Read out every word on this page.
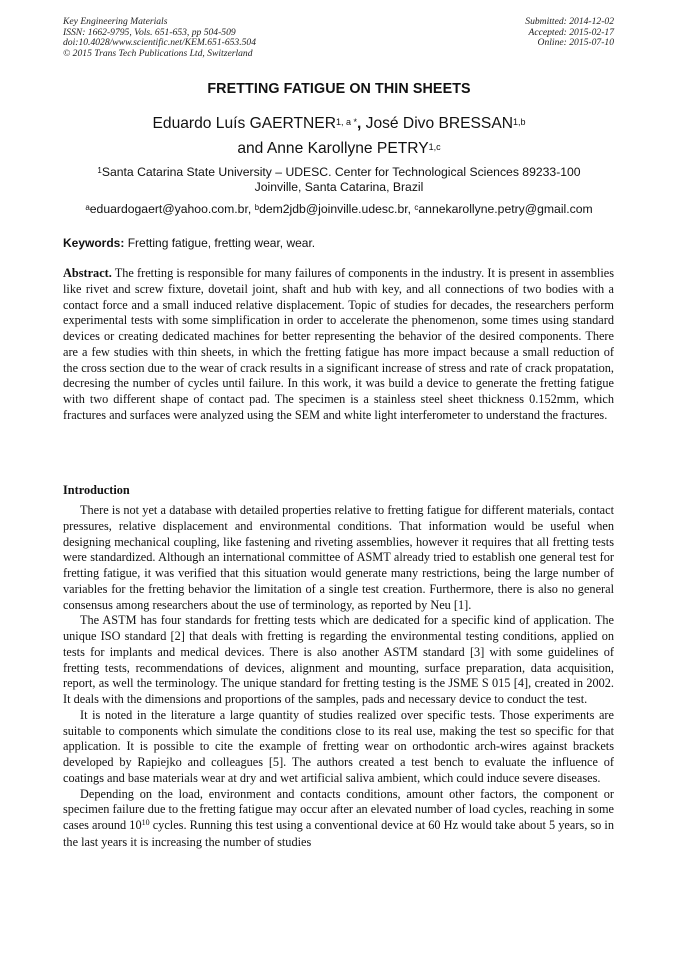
Key Engineering Materials
ISSN: 1662-9795, Vols. 651-653, pp 504-509
doi:10.4028/www.scientific.net/KEM.651-653.504
© 2015 Trans Tech Publications Ltd, Switzerland
Submitted: 2014-12-02
Accepted: 2015-02-17
Online: 2015-07-10
FRETTING FATIGUE ON THIN SHEETS
Eduardo Luís $GAERTNER^{1, a *}$, José Divo BRESSAN$^{1,b}$
and Anne Karollyne PETRY$^{1,c}$
$^1$Santa Catarina State University – UDESC. Center for Technological Sciences 89233-100
Joinville, Santa Catarina, Brazil
$^a$eduardogaert@yahoo.com.br, $^b$dem2jdb@joinville.udesc.br, $^c$annekarollyne.petry@gmail.com
Keywords: Fretting fatigue, fretting wear, wear.

Abstract. The fretting is responsible for many failures of components in the industry. It is present in assemblies like rivet and screw fixture, dovetail joint, shaft and hub with key, and all connections of two bodies with a contact force and a small induced relative displacement. Topic of studies for decades, the researchers perform experimental tests with some simplification in order to accelerate the phenomenon, some times using standard devices or creating dedicated machines for better representing the behavior of the desired components. There are a few studies with thin sheets, in which the fretting fatigue has more impact because a small reduction of the cross section due to the wear of crack results in a significant increase of stress and rate of crack propatation, decresing the number of cycles until failure. In this work, it was build a device to generate the fretting fatigue with two different shape of contact pad. The specimen is a stainless steel sheet thickness 0.152mm, which fractures and surfaces were analyzed using the SEM and white light interferometer to understand the fractures.

Introduction

There is not yet a database with detailed properties relative to fretting fatigue for different materials, contact pressures, relative displacement and environmental conditions. That information would be useful when designing mechanical coupling, like fastening and riveting assemblies, however it requires that all fretting tests were standardized. Although an international committee of ASMT already tried to establish one general test for fretting fatigue, it was verified that this situation would generate many restrictions, being the large number of variables for the fretting behavior the limitation of a single test creation. Furthermore, there is also no general consensus among researchers about the use of terminology, as reported by Neu [1].

The ASTM has four standards for fretting tests which are dedicated for a specific kind of application. The unique ISO standard [2] that deals with fretting is regarding the environmental testing conditions, applied on tests for implants and medical devices. There is also another ASTM standard [3] with some guidelines of fretting tests, recommendations of devices, alignment and mounting, surface preparation, data acquisition, report, as well the terminology. The unique standard for fretting testing is the JSME S 015 [4], created in 2002. It deals with the dimensions and proportions of the samples, pads and necessary device to conduct the test.

It is noted in the literature a large quantity of studies realized over specific tests. Those experiments are suitable to components which simulate the conditions close to its real use, making the test so specific for that application. It is possible to cite the example of fretting wear on orthodontic arch-wires against brackets developed by Rapiejko and colleagues [5]. The authors created a test bench to evaluate the influence of coatings and base materials wear at dry and wet artificial saliva ambient, which could induce severe diseases.

Depending on the load, environment and contacts conditions, amount other factors, the component or specimen failure due to the fretting fatigue may occur after an elevated number of load cycles, reaching in some cases around $10^{10}$ cycles. Running this test using a conventional device at 60 Hz would take about 5 years, so in the last years it is increasing the number of studies
